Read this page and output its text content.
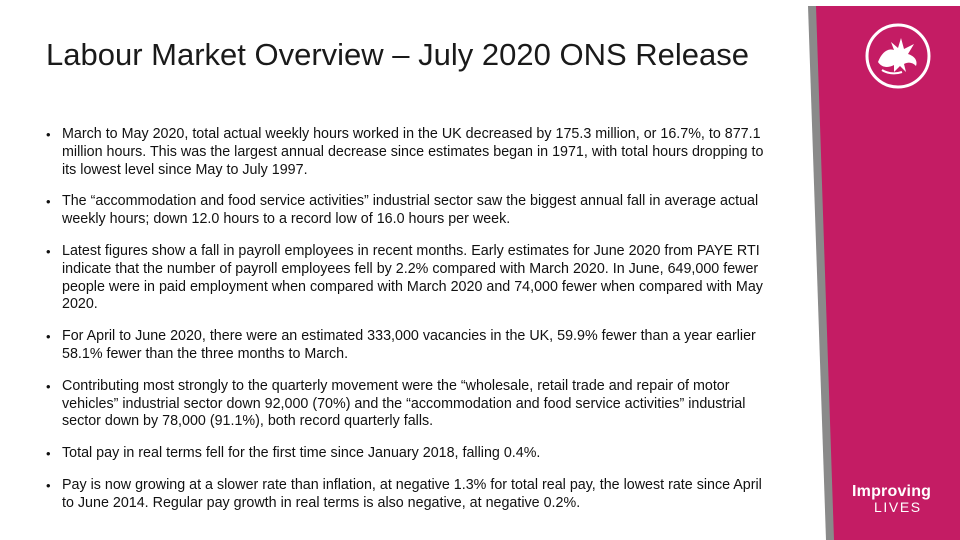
Labour Market Overview – July 2020 ONS Release
• March to May 2020, total actual weekly hours worked in the UK decreased by 175.3 million, or 16.7%, to 877.1 million hours. This was the largest annual decrease since estimates began in 1971, with total hours dropping to its lowest level since May to July 1997.
• The “accommodation and food service activities” industrial sector saw the biggest annual fall in average actual weekly hours; down 12.0 hours to a record low of 16.0 hours per week.
• Latest figures show a fall in payroll employees in recent months. Early estimates for June 2020 from PAYE RTI indicate that the number of payroll employees fell by 2.2% compared with March 2020. In June, 649,000 fewer people were in paid employment when compared with March 2020 and 74,000 fewer when compared with May 2020.
• For April to June 2020, there were an estimated 333,000 vacancies in the UK, 59.9% fewer than a year earlier 58.1% fewer than the three months to March.
• Contributing most strongly to the quarterly movement were the “wholesale, retail trade and repair of motor vehicles” industrial sector down 92,000 (70%) and the “accommodation and food service activities” industrial sector down by 78,000 (91.1%), both record quarterly falls.
• Total pay in real terms fell for the first time since January 2018, falling 0.4%.
• Pay is now growing at a slower rate than inflation, at negative 1.3% for total real pay, the lowest rate since April to June 2014. Regular pay growth in real terms is also negative, at negative 0.2%.
Improving
LIVES
